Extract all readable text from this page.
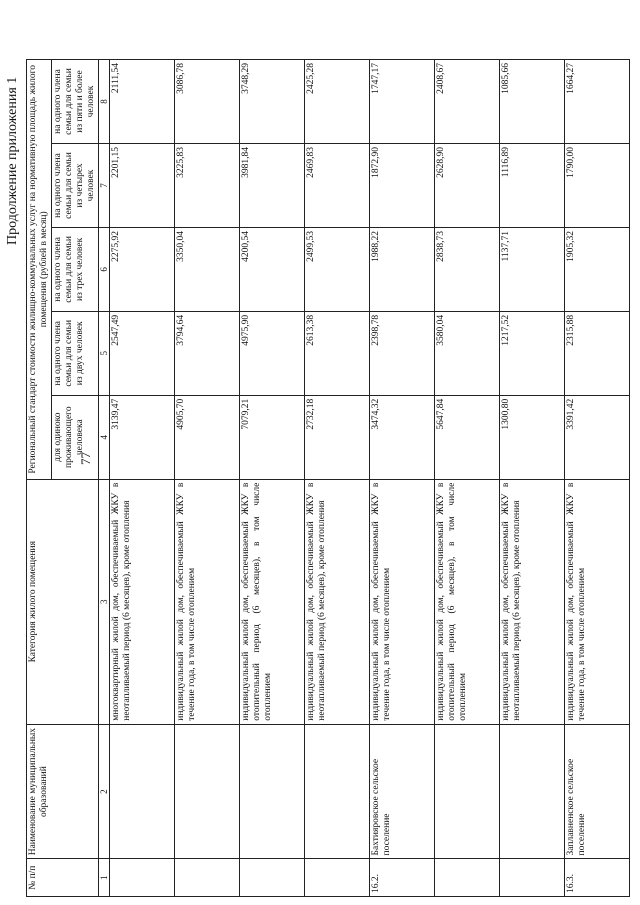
77
Продолжение приложения 1
№ п/п	Наименование муниципальных образований	Категория жилого помещения	Региональный стандарт стоимости жилищно-коммунальных услуг на нормативную площадь жилого помещения (рублей в месяц)				
			для одиноко проживающего человека	на одного члена семьи для семьи из двух человек	на одного члена семьи для семьи из трех человек	на одного члена семьи для семьи из четырех человек	на одного члена семьи для семьи из пяти и более человек
1	2	3	4	5	6	7	8
		многоквартирный жилой дом, обеспечиваемый ЖКУ в неотапливаемый период (6 месяцев), кроме отопления	3139,47	2547,49	2275,92	2201,15	2111,54
		индивидуальный жилой дом, обеспечиваемый ЖКУ в течение года, в том числе отоплением	4905,70	3794,64	3350,04	3225,83	3086,78
		индивидуальный жилой дом, обеспечиваемый ЖКУ в отопительный период (6 месяцев), в том числе отоплением	7079,21	4975,90	4200,54	3981,84	3748,29
		индивидуальный жилой дом, обеспечиваемый ЖКУ в неотапливаемый период (6 месяцев), кроме отопления	2732,18	2613,38	2499,53	2469,83	2425,28
16.2.	Бахтияровское сельское поселение	индивидуальный жилой дом, обеспечиваемый ЖКУ в течение года, в том числе отоплением	3474,32	2398,78	1988,22	1872,90	1747,17
		индивидуальный жилой дом, обеспечиваемый ЖКУ в отопительный период (6 месяцев), в том числе отоплением	5647,84	3580,04	2838,73	2628,90	2408,67
		индивидуальный жилой дом, обеспечиваемый ЖКУ в неотапливаемый период (6 месяцев), кроме отопления	1300,80	1217,52	1137,71	1116,89	1085,66
16.3.	Заплавненское сельское поселение	индивидуальный жилой дом, обеспечиваемый ЖКУ в течение года, в том числе отоплением	3391,42	2315,88	1905,32	1790,00	1664,27
